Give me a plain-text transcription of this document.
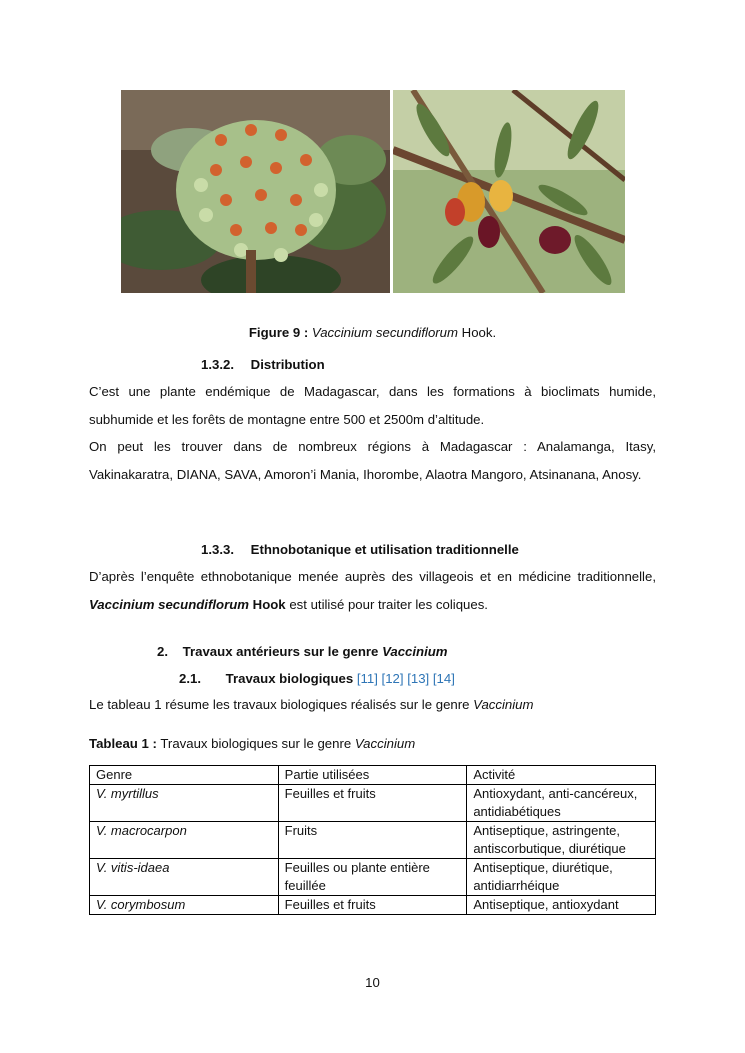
Figure 9 : Vaccinium secundiflorum Hook.
1.3.2. Distribution

C’est une plante endémique de Madagascar, dans les formations à bioclimats humide, subhumide et les forêts de montagne entre 500 et 2500m d’altitude.

On peut les trouver dans de nombreux régions à Madagascar : Analamanga, Itasy, Vakinakaratra, DIANA, SAVA, Amoron’i Mania, Ihorombe, Alaotra Mangoro, Atsinanana, Anosy.

1.3.3. Ethnobotanique et utilisation traditionnelle

D’après l’enquête ethnobotanique menée auprès des villageois et en médicine traditionnelle, Vaccinium secundiflorum Hook est utilisé pour traiter les coliques.

2. Travaux antérieurs sur le genre Vaccinium
2.1. Travaux biologiques [11] [12] [13] [14]

Le tableau 1 résume les travaux biologiques réalisés sur le genre Vaccinium

Tableau 1 : Travaux biologiques sur le genre Vaccinium
Genre	Partie utilisées	Activité
V. myrtillus	Feuilles et fruits	Antioxydant, anti-cancéreux, antidiabétiques
V. macrocarpon	Fruits	Antiseptique, astringente, antiscorbutique, diurétique
V. vitis-idaea	Feuilles ou plante entière feuillée	Antiseptique, diurétique, antidiarrhéique
V. corymbosum	Feuilles et fruits	Antiseptique, antioxydant
10
